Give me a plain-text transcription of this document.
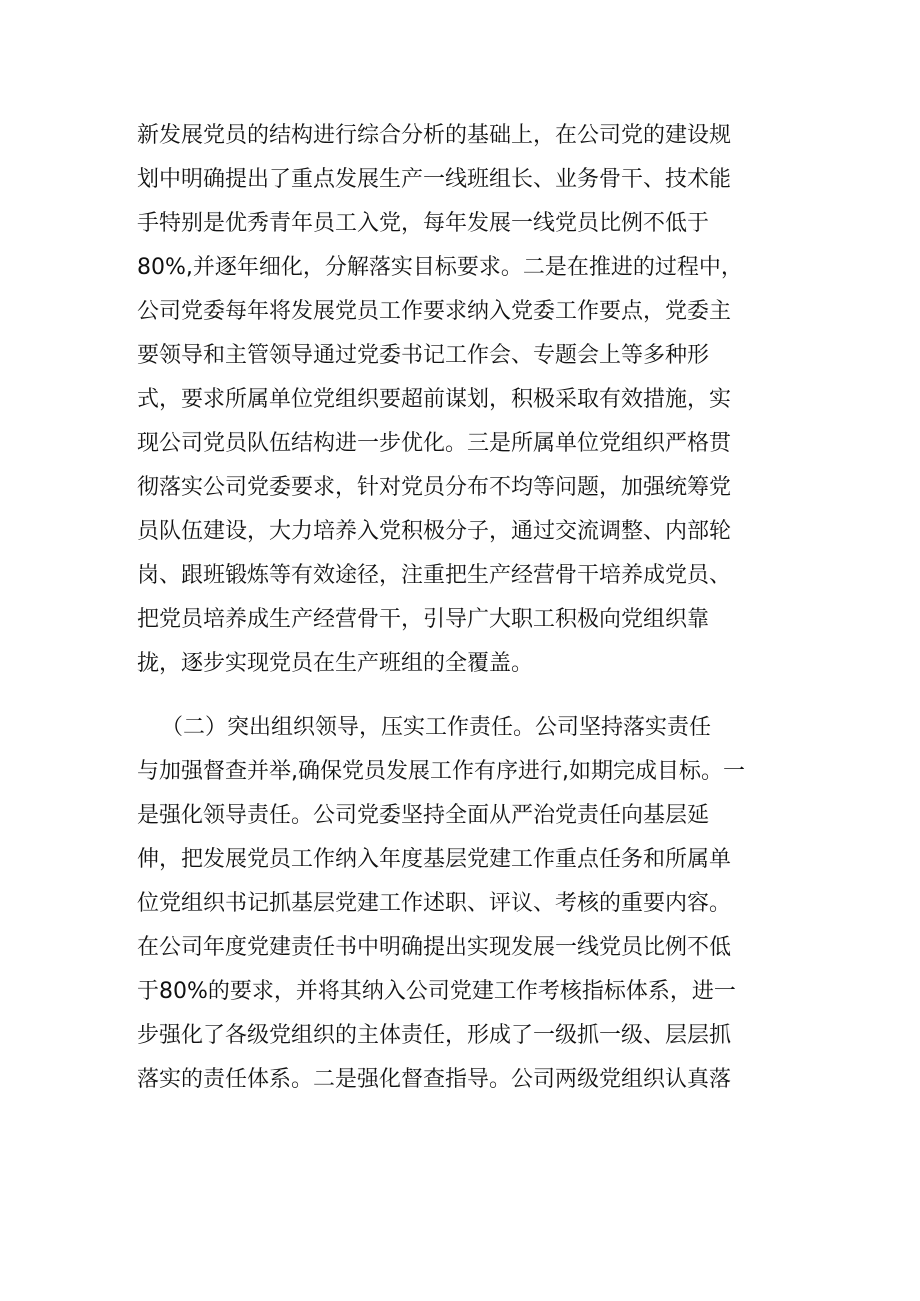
新发展党员的结构进行综合分析的基础上，在公司党的建设规
划中明确提出了重点发展生产一线班组长、业务骨干、技术能
手特别是优秀青年员工入党，每年发展一线党员比例不低于
80%,并逐年细化，分解落实目标要求。二是在推进的过程中，
公司党委每年将发展党员工作要求纳入党委工作要点，党委主
要领导和主管领导通过党委书记工作会、专题会上等多种形
式，要求所属单位党组织要超前谋划，积极采取有效措施，实
现公司党员队伍结构进一步优化。三是所属单位党组织严格贯
彻落实公司党委要求，针对党员分布不均等问题，加强统筹党
员队伍建设，大力培养入党积极分子，通过交流调整、内部轮
岗、跟班锻炼等有效途径，注重把生产经营骨干培养成党员、
把党员培养成生产经营骨干，引导广大职工积极向党组织靠
拢，逐步实现党员在生产班组的全覆盖。
（二）突出组织领导，压实工作责任。公司坚持落实责任
与加强督查并举,确保党员发展工作有序进行,如期完成目标。一
是强化领导责任。公司党委坚持全面从严治党责任向基层延
伸，把发展党员工作纳入年度基层党建工作重点任务和所属单
位党组织书记抓基层党建工作述职、评议、考核的重要内容。
在公司年度党建责任书中明确提出实现发展一线党员比例不低
于80%的要求，并将其纳入公司党建工作考核指标体系，进一
步强化了各级党组织的主体责任，形成了一级抓一级、层层抓
落实的责任体系。二是强化督查指导。公司两级党组织认真落
